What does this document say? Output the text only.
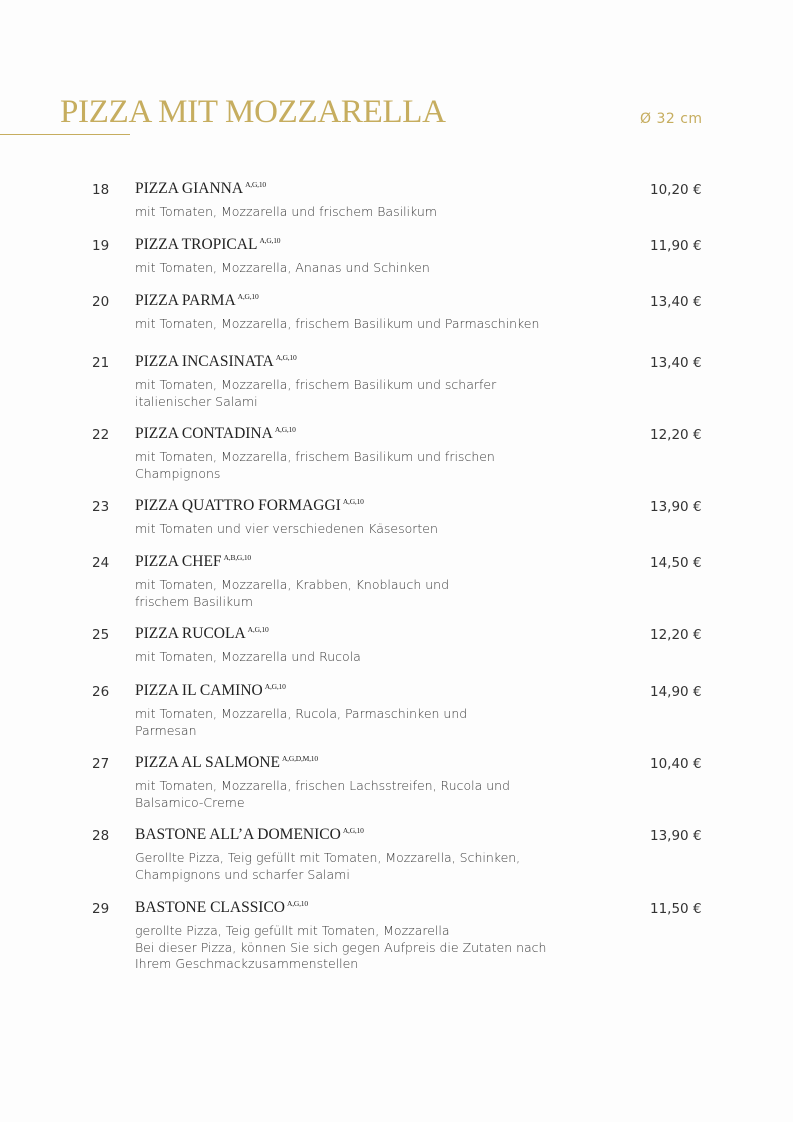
PIZZA MIT MOZZARELLA	Ø 32 cm
18 PIZZA GIANNA $^{A,G,10}$
mit Tomaten, Mozzarella und frischem Basilikum
10,20 €
19 PIZZA TROPICAL $^{A,G,10}$
mit Tomaten, Mozzarella, Ananas und Schinken
11,90 €
20 PIZZA PARMA $^{A,G,10}$
mit Tomaten, Mozzarella, frischem Basilikum und Parmaschinken
13,40 €
21 PIZZA INCASINATA $^{A,G,10}$
mit Tomaten, Mozzarella, frischem Basilikum und scharfer
italienischer Salami
13,40 €
22 PIZZA CONTADINA $^{A,G,10}$
mit Tomaten, Mozzarella, frischem Basilikum und frischen
Champignons
12,20 €
23 PIZZA QUATTRO FORMAGGI $^{A,G,10}$
mit Tomaten und vier verschiedenen Käsesorten
13,90 €
24 PIZZA CHEF $^{A,B,G,10}$
mit Tomaten, Mozzarella, Krabben, Knoblauch und
frischem Basilikum
14,50 €
25 PIZZA RUCOLA $^{A,G,10}$
mit Tomaten, Mozzarella und Rucola
12,20 €
26 PIZZA IL CAMINO $^{A,G,10}$
mit Tomaten, Mozzarella, Rucola, Parmaschinken und
Parmesan
14,90 €
27 PIZZA AL SALMONE $^{A,G,D,M,10}$
mit Tomaten, Mozzarella, frischen Lachsstreifen, Rucola und
Balsamico-Creme
10,40 €
28 BASTONE ALL’A DOMENICO $^{A,G,10}$
Gerollte Pizza, Teig gefüllt mit Tomaten, Mozzarella, Schinken,
Champignons und scharfer Salami
13,90 €
29 BASTONE CLASSICO $^{A,G,10}$
gerollte Pizza, Teig gefüllt mit Tomaten, Mozzarella
Bei dieser Pizza, können Sie sich gegen Aufpreis die Zutaten nach
Ihrem Geschmackzusammenstellen
11,50 €
